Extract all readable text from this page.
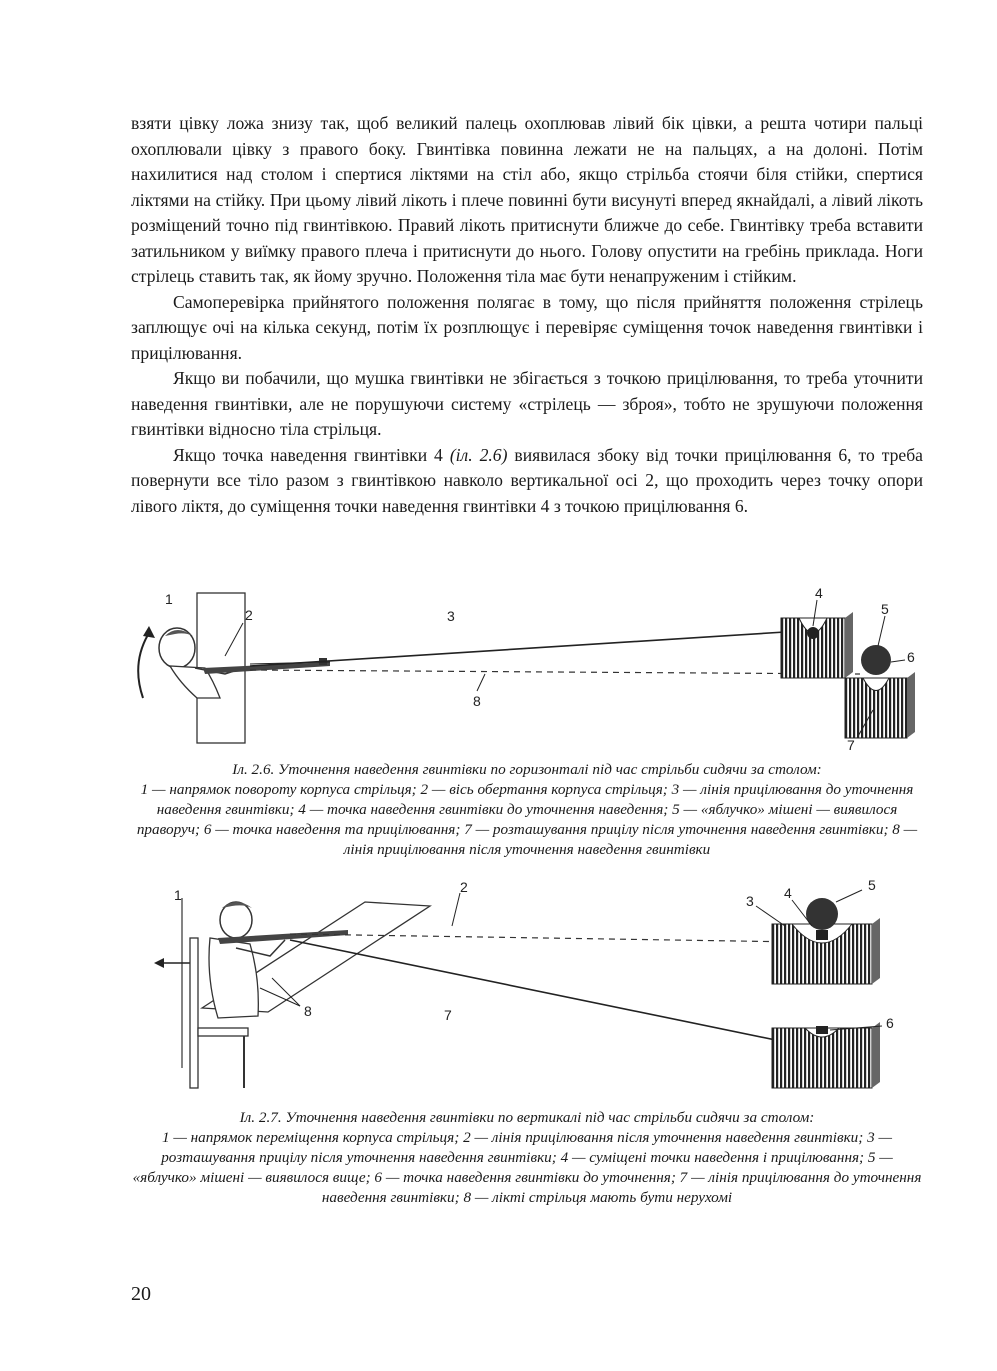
взяти цівку ложа знизу так, щоб великий палець охоплював лівий бік цівки, а решта чотири пальці охоплювали цівку з правого боку. Гвинтівка повинна лежати не на пальцях, а на долоні. Потім нахилитися над столом і спертися ліктями на стіл або, якщо стрільба стоячи біля стійки, спертися ліктями на стійку. При цьому лівий лікоть і плече повинні бути висунуті вперед якнайдалі, а лівий лікоть розміщений точно під гвинтівкою. Правий лікоть притиснути ближче до себе. Гвинтівку треба вставити затильником у виїмку правого плеча і притиснути до нього. Голову опустити на гребінь приклада. Ноги стрілець ставить так, як йому зручно. Положення тіла має бути ненапруженим і стійким.

Самоперевірка прийнятого положення полягає в тому, що після прийняття положення стрілець заплющує очі на кілька секунд, потім їх розплющує і перевіряє суміщення точок наведення гвинтівки і прицілювання.

Якщо ви побачили, що мушка гвинтівки не збігається з точкою прицілювання, то треба уточнити наведення гвинтівки, але не порушуючи систему «стрілець — зброя», тобто не зрушуючи положення гвинтівки відносно тіла стрільця.

Якщо точка наведення гвинтівки 4 (іл. 2.6) виявилася збоку від точки прицілювання 6, то треба повернути все тіло разом з гвинтівкою навколо вертикальної осі 2, що проходить через точку опори лівого ліктя, до суміщення точки наведення гвинтівки 4 з точкою прицілювання 6.

1
2	3
4
5
6
7
8
Іл. 2.6. Уточнення наведення гвинтівки по горизонталі під час стрільби сидячи за столом:
1 — напрямок повороту корпуса стрільця; 2 — вісь обертання корпуса стрільця; 3 — лінія прицілювання до уточнення наведення гвинтівки; 4 — точка наведення гвинтівки до уточнення наведення; 5 — «яблучко» мішені — виявилося праворуч; 6 — точка наведення та прицілювання; 7 — розташування прицілу після уточнення наведення гвинтівки; 8 — лінія прицілювання після уточнення наведення гвинтівки
1	2
3 4	5
6
7
8
Іл. 2.7. Уточнення наведення гвинтівки по вертикалі під час стрільби сидячи за столом:
1 — напрямок переміщення корпуса стрільця; 2 — лінія прицілювання після уточнення наведення гвинтівки; 3 — розташування прицілу після уточнення наведення гвинтівки; 4 — суміщені точки наведення і прицілювання; 5 — «яблучко» мішені — виявилося вище; 6 — точка наведення гвинтівки до уточнення; 7 — лінія прицілювання до уточнення наведення гвинтівки; 8 — лікті стрільця мають бути нерухомі
20
